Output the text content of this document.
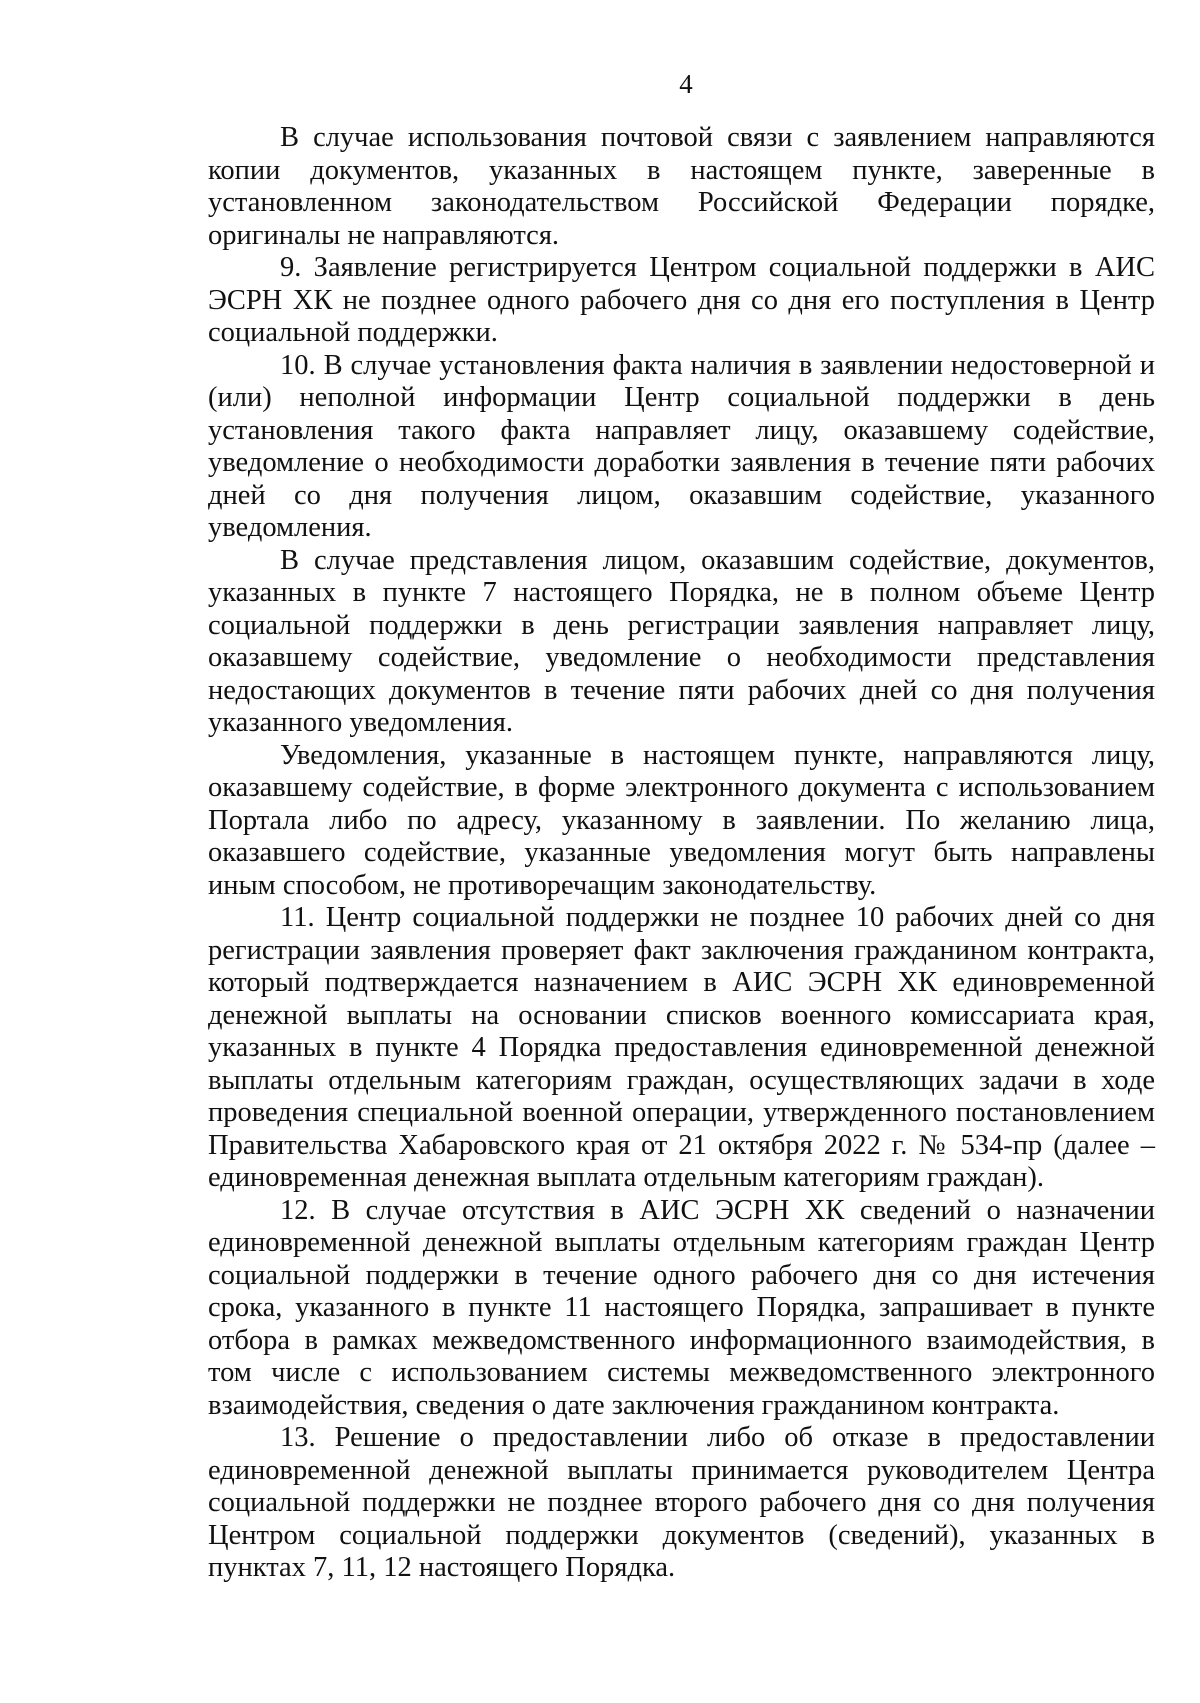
4

В случае использования почтовой связи с заявлением направляются копии документов, указанных в настоящем пункте, заверенные в установленном законодательством Российской Федерации порядке, оригиналы не направляются.

9. Заявление регистрируется Центром социальной поддержки в АИС ЭСРН ХК не позднее одного рабочего дня со дня его поступления в Центр социальной поддержки.

10. В случае установления факта наличия в заявлении недостоверной и (или) неполной информации Центр социальной поддержки в день установления такого факта направляет лицу, оказавшему содействие, уведомление о необходимости доработки заявления в течение пяти рабочих дней со дня получения лицом, оказавшим содействие, указанного уведомления.

В случае представления лицом, оказавшим содействие, документов, указанных в пункте 7 настоящего Порядка, не в полном объеме Центр социальной поддержки в день регистрации заявления направляет лицу, оказавшему содействие, уведомление о необходимости представления недостающих документов в течение пяти рабочих дней со дня получения указанного уведомления.

Уведомления, указанные в настоящем пункте, направляются лицу, оказавшему содействие, в форме электронного документа с использованием Портала либо по адресу, указанному в заявлении. По желанию лица, оказавшего содействие, указанные уведомления могут быть направлены иным способом, не противоречащим законодательству.

11. Центр социальной поддержки не позднее 10 рабочих дней со дня регистрации заявления проверяет факт заключения гражданином контракта, который подтверждается назначением в АИС ЭСРН ХК единовременной денежной выплаты на основании списков военного комиссариата края, указанных в пункте 4 Порядка предоставления единовременной денежной выплаты отдельным категориям граждан, осуществляющих задачи в ходе проведения специальной военной операции, утвержденного постановлением Правительства Хабаровского края от 21 октября 2022 г. № 534-пр (далее – единовременная денежная выплата отдельным категориям граждан).

12. В случае отсутствия в АИС ЭСРН ХК сведений о назначении единовременной денежной выплаты отдельным категориям граждан Центр социальной поддержки в течение одного рабочего дня со дня истечения срока, указанного в пункте 11 настоящего Порядка, запрашивает в пункте отбора в рамках межведомственного информационного взаимодействия, в том числе с использованием системы межведомственного электронного взаимодействия, сведения о дате заключения гражданином контракта.

13. Решение о предоставлении либо об отказе в предоставлении единовременной денежной выплаты принимается руководителем Центра социальной поддержки не позднее второго рабочего дня со дня получения Центром социальной поддержки документов (сведений), указанных в пунктах 7, 11, 12 настоящего Порядка.
